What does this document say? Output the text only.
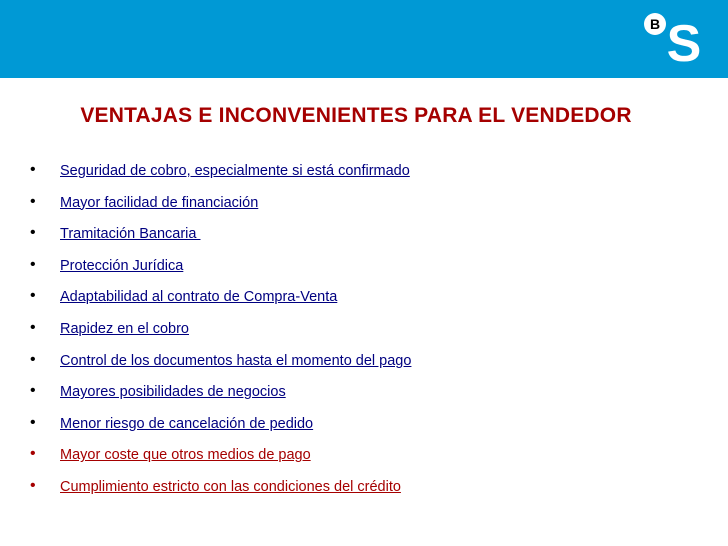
B S
VENTAJAS E INCONVENIENTES PARA EL VENDEDOR
•	Seguridad de cobro, especialmente si está confirmado
•	Mayor facilidad de financiación
•	Tramitación Bancaria
•	Protección Jurídica
•	Adaptabilidad al contrato de Compra-Venta
•	Rapidez en el cobro
•	Control de los documentos hasta el momento del pago
•	Mayores posibilidades de negocios
•	Menor riesgo de cancelación de pedido
•	Mayor coste que otros medios de pago
•	Cumplimiento estricto con las condiciones del crédito
